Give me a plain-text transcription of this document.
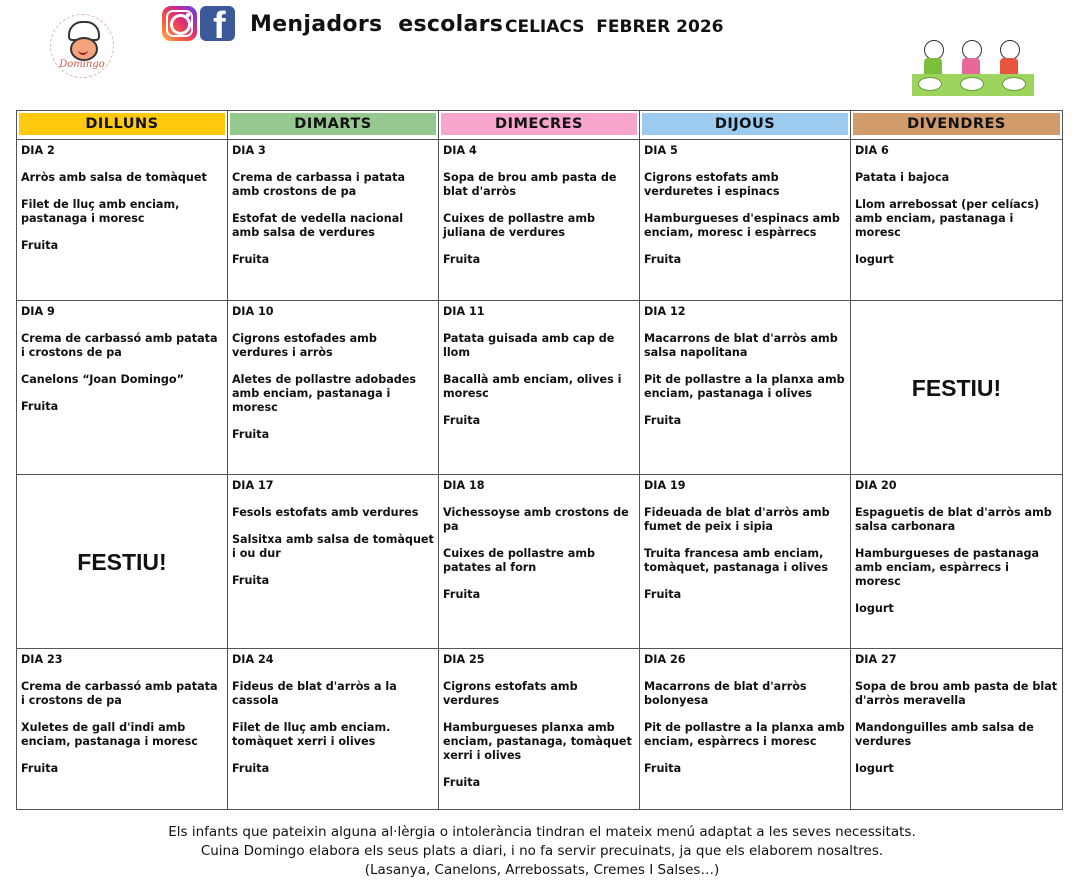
Domingo
f Menjadors  escolars CELIACS  FEBRER 2026
DILLUNS	DIMARTS	DIMECRES	DIJOUS	DIVENDRES

DIA 2
Arròs amb salsa de tomàquet
Filet de lluç amb enciam, pastanaga i moresc
Fruita	DIA 3
Crema de carbassa i patata amb crostons de pa
Estofat de vedella nacional amb salsa de verdures
Fruita	DIA 4
Sopa de brou amb pasta de blat d'arròs
Cuixes de pollastre amb juliana de verdures
Fruita	DIA 5
Cigrons estofats amb verduretes i espinacs
Hamburgueses d'espinacs amb enciam, moresc i espàrrecs
Fruita	DIA 6
Patata i bajoca
Llom arrebossat (per celíacs) amb enciam, pastanaga i moresc
Iogurt

DIA 9
Crema de carbassó amb patata i crostons de pa
Canelons “Joan Domingo”
Fruita	DIA 10
Cigrons estofades amb verdures i arròs
Aletes de pollastre adobades amb enciam, pastanaga i moresc
Fruita	DIA 11
Patata guisada amb cap de llom
Bacallà amb enciam, olives i moresc
Fruita	DIA 12
Macarrons de blat d'arròs amb salsa napolitana
Pit de pollastre a la planxa amb enciam, pastanaga i olives
Fruita	FESTIU!

FESTIU!	DIA 17
Fesols estofats amb verdures
Salsitxa amb salsa de tomàquet i ou dur
Fruita	DIA 18
Vichessoyse amb crostons de pa
Cuixes de pollastre amb patates al forn
Fruita	DIA 19
Fideuada de blat d'arròs amb fumet de peix i sipia
Truita francesa amb enciam, tomàquet, pastanaga i olives
Fruita	DIA 20
Espaguetis de blat d'arròs amb salsa carbonara
Hamburgueses de pastanaga amb enciam, espàrrecs i moresc
Iogurt

DIA 23
Crema de carbassó amb patata i crostons de pa
Xuletes de gall d'indi amb enciam, pastanaga i moresc
Fruita	DIA 24
Fideus de blat d'arròs a la cassola
Filet de lluç amb enciam. tomàquet xerri i olives
Fruita	DIA 25
Cigrons estofats amb verdures
Hamburgueses planxa amb enciam, pastanaga, tomàquet xerri i olives
Fruita	DIA 26
Macarrons de blat d'arròs bolonyesa
Pit de pollastre a la planxa amb enciam, espàrrecs i moresc
Fruita	DIA 27
Sopa de brou amb pasta de blat d'arròs meravella
Mandonguilles amb salsa de verdures
Iogurt
Els infants que pateixin alguna al·lèrgia o intolerància tindran el mateix menú adaptat a les seves necessitats.
Cuina Domingo elabora els seus plats a diari, i no fa servir precuinats, ja que els elaborem nosaltres.
(Lasanya, Canelons, Arrebossats, Cremes I Salses…)
